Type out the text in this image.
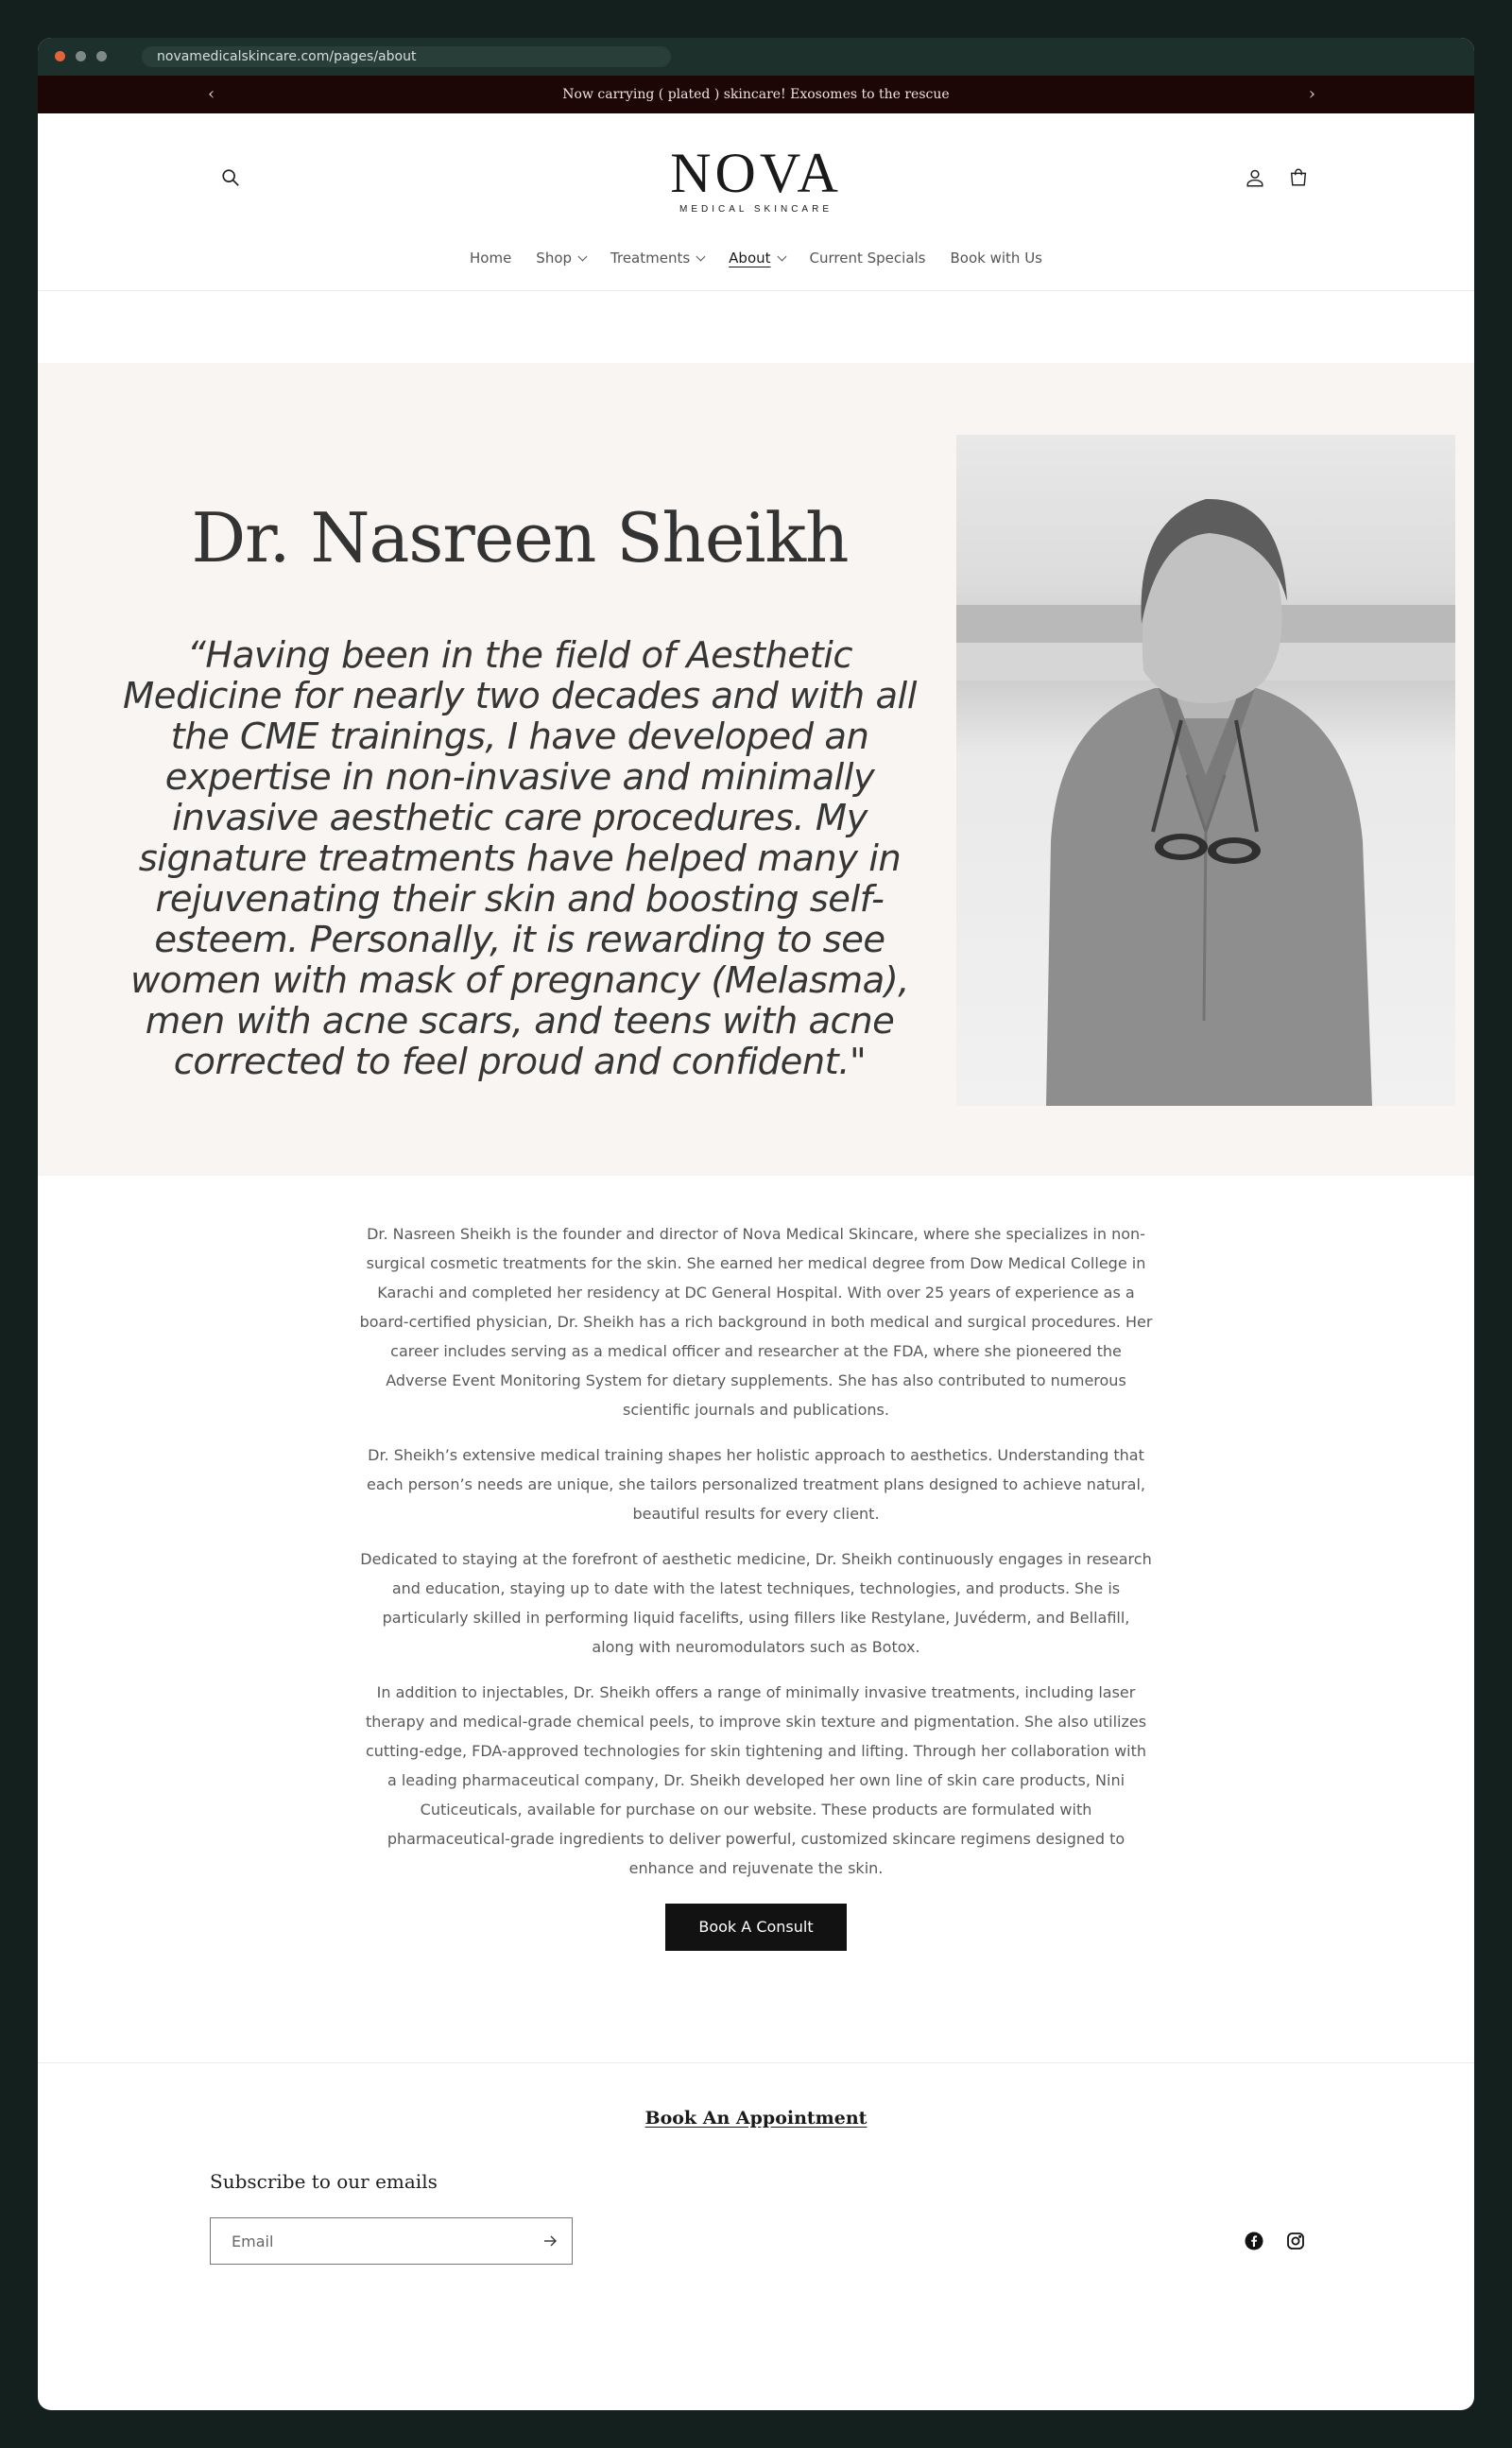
novamedicalskincare.com/pages/about
‹	Now carrying ( plated ) skincare! Exosomes to the rescue	›
NOVA
MEDICAL SKINCARE
Home Shop	Treatments	About	Current Specials Book with Us
Dr. Nasreen Sheikh

“Having been in the field of Aesthetic Medicine for nearly two decades and with all the CME trainings, I have developed an expertise in non-invasive and minimally invasive aesthetic care procedures. My signature treatments have helped many in rejuvenating their skin and boosting self-esteem. Personally, it is rewarding to see women with mask of pregnancy (Melasma), men with acne scars, and teens with acne corrected to feel proud and confident."

Dr. Nasreen Sheikh is the founder and director of Nova Medical Skincare, where she specializes in non-surgical cosmetic treatments for the skin. She earned her medical degree from Dow Medical College in Karachi and completed her residency at DC General Hospital. With over 25 years of experience as a board-certified physician, Dr. Sheikh has a rich background in both medical and surgical procedures. Her career includes serving as a medical officer and researcher at the FDA, where she pioneered the Adverse Event Monitoring System for dietary supplements. She has also contributed to numerous scientific journals and publications.

Dr. Sheikh’s extensive medical training shapes her holistic approach to aesthetics. Understanding that each person’s needs are unique, she tailors personalized treatment plans designed to achieve natural, beautiful results for every client.

Dedicated to staying at the forefront of aesthetic medicine, Dr. Sheikh continuously engages in research and education, staying up to date with the latest techniques, technologies, and products. She is particularly skilled in performing liquid facelifts, using fillers like Restylane, Juvéderm, and Bellafill, along with neuromodulators such as Botox.

In addition to injectables, Dr. Sheikh offers a range of minimally invasive treatments, including laser therapy and medical-grade chemical peels, to improve skin texture and pigmentation. She also utilizes cutting-edge, FDA-approved technologies for skin tightening and lifting. Through her collaboration with a leading pharmaceutical company, Dr. Sheikh developed her own line of skin care products, Nini Cuticeuticals, available for purchase on our website. These products are formulated with pharmaceutical-grade ingredients to deliver powerful, customized skincare regimens designed to enhance and rejuvenate the skin.

Book A Consult
Book An Appointment
Subscribe to our emails
Email
